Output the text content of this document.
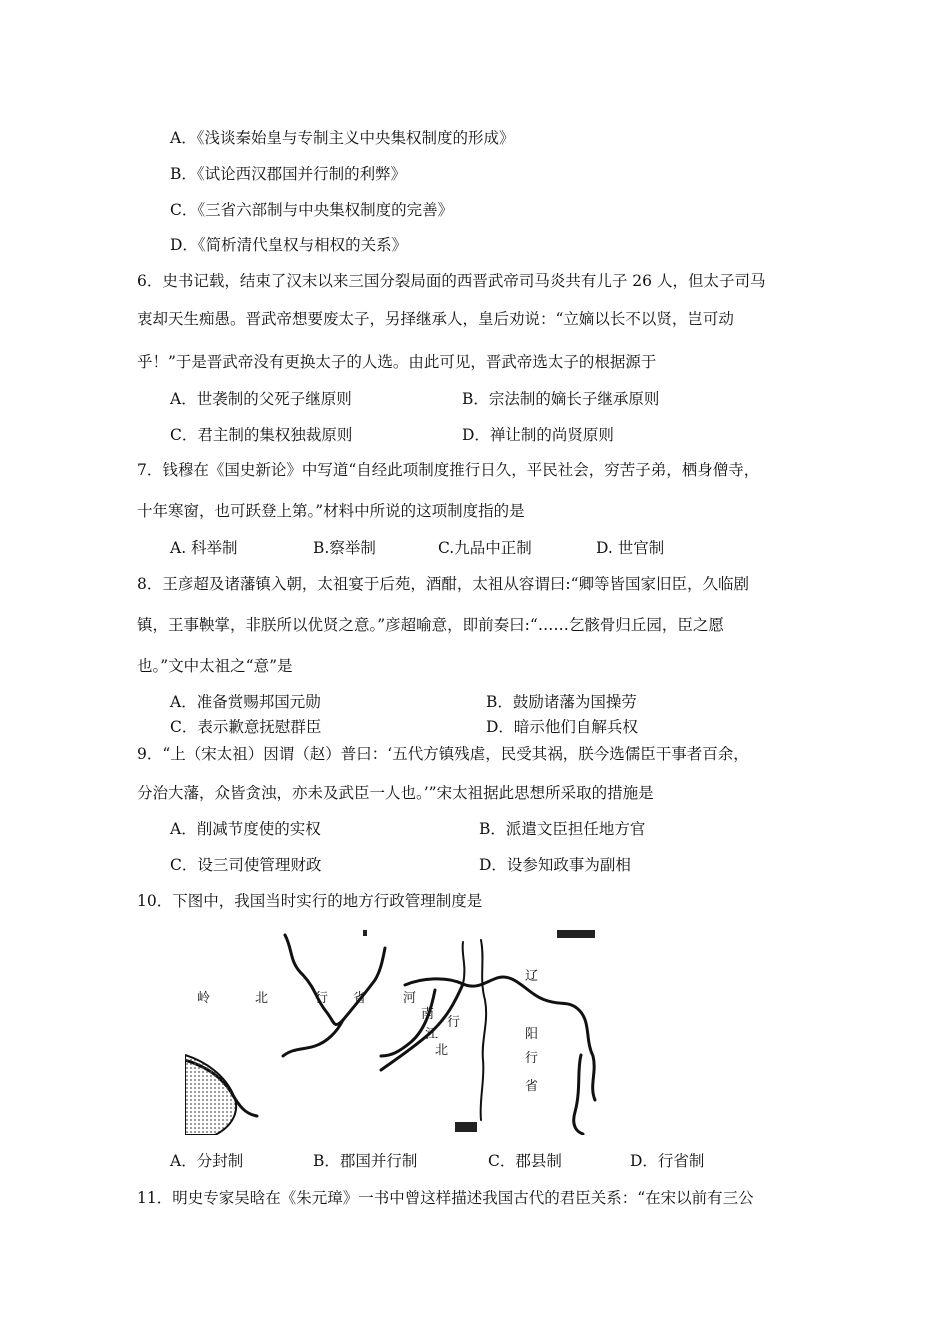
A．《浅谈秦始皇与专制主义中央集权制度的形成》
B．《试论西汉郡国并行制的利弊》
C．《三省六部制与中央集权制度的完善》
D．《简析清代皇权与相权的关系》
6．史书记载，结束了汉末以来三国分裂局面的西晋武帝司马炎共有儿子 26 人，但太子司马
衷却天生痴愚。晋武帝想要废太子，另择继承人，皇后劝说：“立嫡以长不以贤，岂可动
乎！”于是晋武帝没有更换太子的人选。由此可见，晋武帝选太子的根据源于
A．世袭制的父死子继原则	B．宗法制的嫡长子继承原则
C．君主制的集权独裁原则	D．禅让制的尚贤原则
7．钱穆在《国史新论》中写道“自经此项制度推行日久，平民社会，穷苦子弟，栖身僧寺，
十年寒窗，也可跃登上第。”材料中所说的这项制度指的是
A. 科举制	B.察举制	C.九品中正制	D. 世官制
8．王彦超及诸藩镇入朝，太祖宴于后苑，酒酣，太祖从容谓曰:“卿等皆国家旧臣，久临剧
镇，王事鞅掌，非朕所以优贤之意。”彦超喻意，即前奏曰:“……乞骸骨归丘园，臣之愿
也。”文中太祖之“意”是
A．准备赏赐邦国元勋	B．鼓励诸藩为国操劳
C．表示歉意抚慰群臣	D．暗示他们自解兵权
9．“上（宋太祖）因谓（赵）普曰：‘五代方镇残虐，民受其祸，朕今选儒臣干事者百余，
分治大藩，众皆贪浊，亦未及武臣一人也。’”宋太祖据此思想所采取的措施是
A．削减节度使的实权	B．派遣文臣担任地方官
C．设三司使管理财政	D．设参知政事为副相
10．下图中，我国当时实行的地方行政管理制度是
岭	北	行 省
辽
阳
行
省
河
南
江
北
行
A．分封制	B．郡国并行制	C．郡县制	D．行省制
11．明史专家吴晗在《朱元璋》一书中曾这样描述我国古代的君臣关系：“在宋以前有三公
